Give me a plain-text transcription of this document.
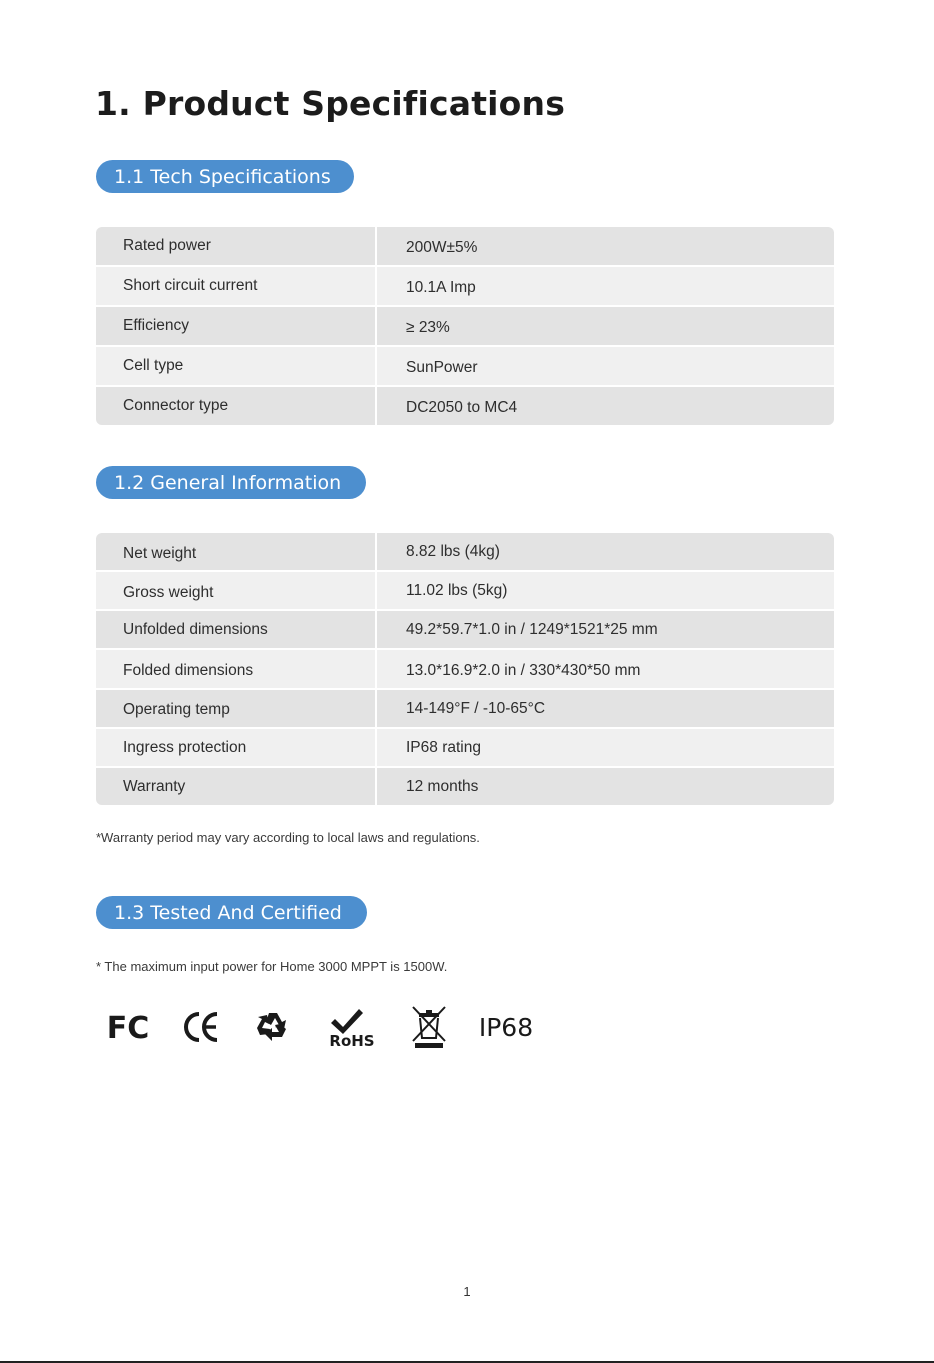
1. Product Specifications
1.1 Tech Specifications
Rated power	200W±5%
Short circuit current	10.1A Imp
Efficiency	≥ 23%
Cell type	SunPower
Connector type	DC2050 to MC4
1.2 General Information
Net weight	8.82 lbs (4kg)
Gross weight	11.02 lbs (5kg)
Unfolded dimensions	49.2*59.7*1.0 in / 1249*1521*25 mm
Folded dimensions	13.0*16.9*2.0 in / 330*430*50 mm
Operating temp	14-149°F / -10-65°C
Ingress protection	IP68 rating
Warranty	12 months
*Warranty period may vary according to local laws and regulations.
1.3 Tested And Certified
* The maximum input power for Home 3000 MPPT is 1500W.
FC	RoHS	IP68
1
